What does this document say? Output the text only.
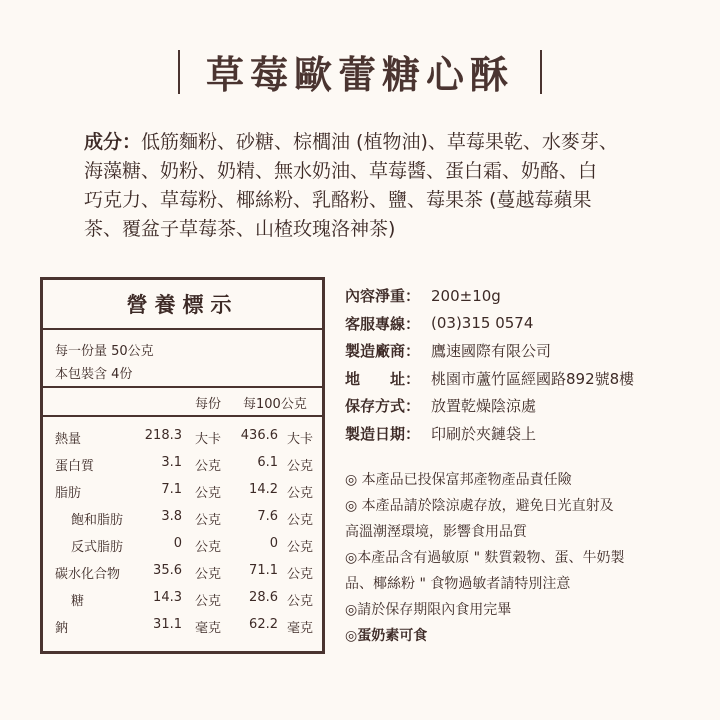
草莓歐蕾糖心酥
成分：低筋麵粉、砂糖、棕櫚油 (植物油)、草莓果乾、水麥芽、
海藻糖、奶粉、奶精、無水奶油、草莓醬、蛋白霜、奶酪、白
巧克力、草莓粉、椰絲粉、乳酪粉、鹽、莓果茶 (蔓越莓蘋果
茶、覆盆子草莓茶、山楂玫瑰洛神茶)
營養標示
每一份量 50公克
本包裝含 4份
每份 每100公克
熱量	218.3 大卡 436.6 大卡
蛋白質	3.1 公克	6.1 公克
脂肪	7.1 公克 14.2 公克
飽和脂肪	3.8 公克	7.6 公克
反式脂肪	0 公克	0 公克
碳水化合物	35.6 公克 71.1 公克
糖	14.3 公克 28.6 公克
鈉	31.1 毫克 62.2 毫克
內容淨重： 200±10g
客服專線： (03)315 0574
製造廠商： 鷹速國際有限公司
地　　址： 桃園市蘆竹區經國路892號8樓
保存方式： 放置乾燥陰涼處
製造日期： 印刷於夾鏈袋上
◎ 本產品已投保富邦產物產品責任險
◎ 本產品請於陰涼處存放，避免日光直射及
高溫潮溼環境，影響食用品質
◎本產品含有過敏原 " 麩質穀物、蛋、牛奶製
品、椰絲粉 " 食物過敏者請特別注意
◎請於保存期限內食用完畢
◎蛋奶素可食
